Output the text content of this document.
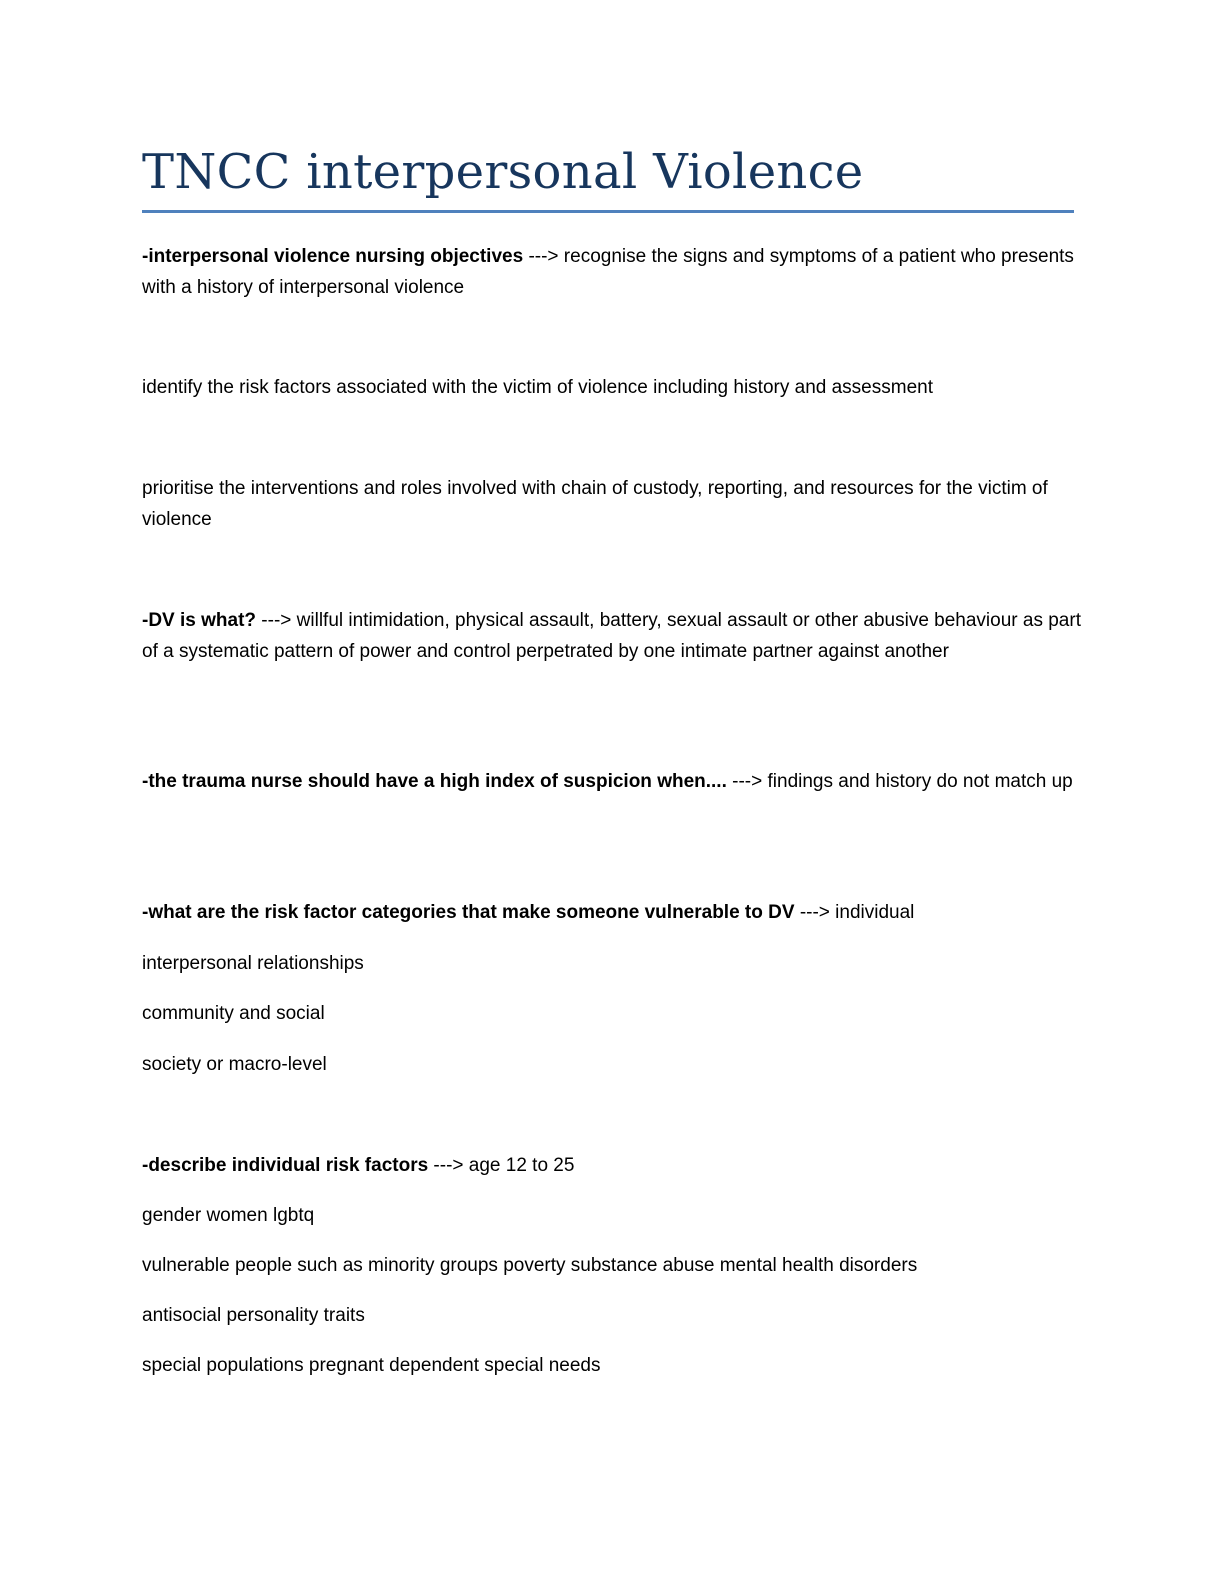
TNCC interpersonal Violence

-interpersonal violence nursing objectives ---> recognise the signs and symptoms of a patient who presents with a history of interpersonal violence

identify the risk factors associated with the victim of violence including history and assessment

prioritise the interventions and roles involved with chain of custody, reporting, and resources for the victim of violence

-DV is what? ---> willful intimidation, physical assault, battery, sexual assault or other abusive behaviour as part of a systematic pattern of power and control perpetrated by one intimate partner against another

-the trauma nurse should have a high index of suspicion when.... ---> findings and history do not match up

-what are the risk factor categories that make someone vulnerable to DV ---> individual

interpersonal relationships

community and social

society or macro-level

-describe individual risk factors ---> age 12 to 25

gender women lgbtq

vulnerable people such as minority groups poverty substance abuse mental health disorders

antisocial personality traits

special populations pregnant dependent special needs
